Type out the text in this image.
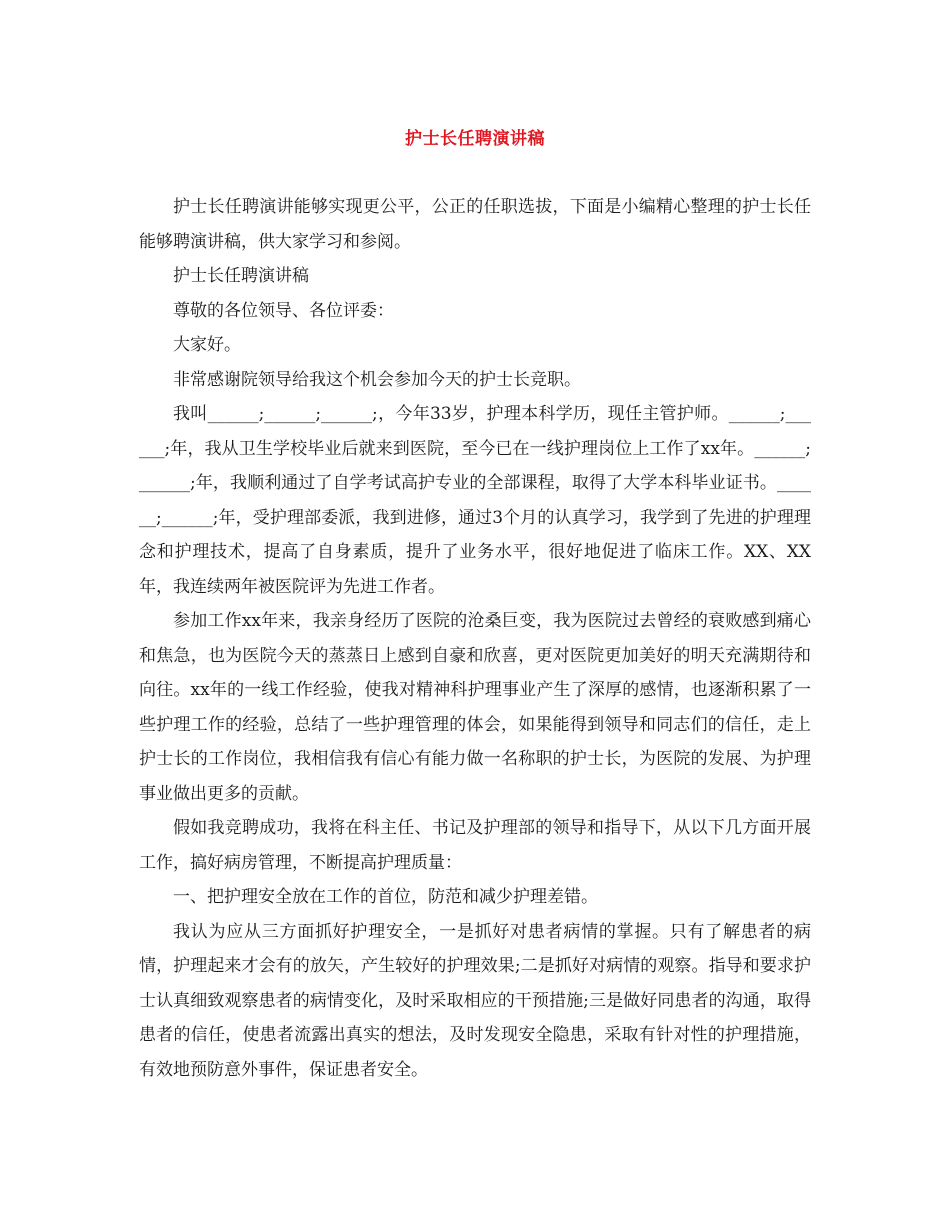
护士长任聘演讲稿

护士长任聘演讲能够实现更公平，公正的任职选拔，下面是小编精心整理的护士长任能够聘演讲稿，供大家学习和参阅。

护士长任聘演讲稿

尊敬的各位领导、各位评委：

大家好。

非常感谢院领导给我这个机会参加今天的护士长竞职。

我叫______;______;______;，今年33岁，护理本科学历，现任主管护师。______;______;年，我从卫生学校毕业后就来到医院，至今已在一线护理岗位上工作了xx年。______;______;年，我顺利通过了自学考试高护专业的全部课程，取得了大学本科毕业证书。______;______;年，受护理部委派，我到进修，通过3个月的认真学习，我学到了先进的护理理念和护理技术，提高了自身素质，提升了业务水平，很好地促进了临床工作。XX、XX年，我连续两年被医院评为先进工作者。

参加工作xx年来，我亲身经历了医院的沧桑巨变，我为医院过去曾经的衰败感到痛心和焦急，也为医院今天的蒸蒸日上感到自豪和欣喜，更对医院更加美好的明天充满期待和向往。xx年的一线工作经验，使我对精神科护理事业产生了深厚的感情，也逐渐积累了一些护理工作的经验，总结了一些护理管理的体会，如果能得到领导和同志们的信任，走上护士长的工作岗位，我相信我有信心有能力做一名称职的护士长，为医院的发展、为护理事业做出更多的贡献。

假如我竞聘成功，我将在科主任、书记及护理部的领导和指导下，从以下几方面开展工作，搞好病房管理，不断提高护理质量：

一、把护理安全放在工作的首位，防范和减少护理差错。

我认为应从三方面抓好护理安全，一是抓好对患者病情的掌握。只有了解患者的病情，护理起来才会有的放矢，产生较好的护理效果;二是抓好对病情的观察。指导和要求护士认真细致观察患者的病情变化，及时采取相应的干预措施;三是做好同患者的沟通，取得患者的信任，使患者流露出真实的想法，及时发现安全隐患，采取有针对性的护理措施，有效地预防意外事件，保证患者安全。
